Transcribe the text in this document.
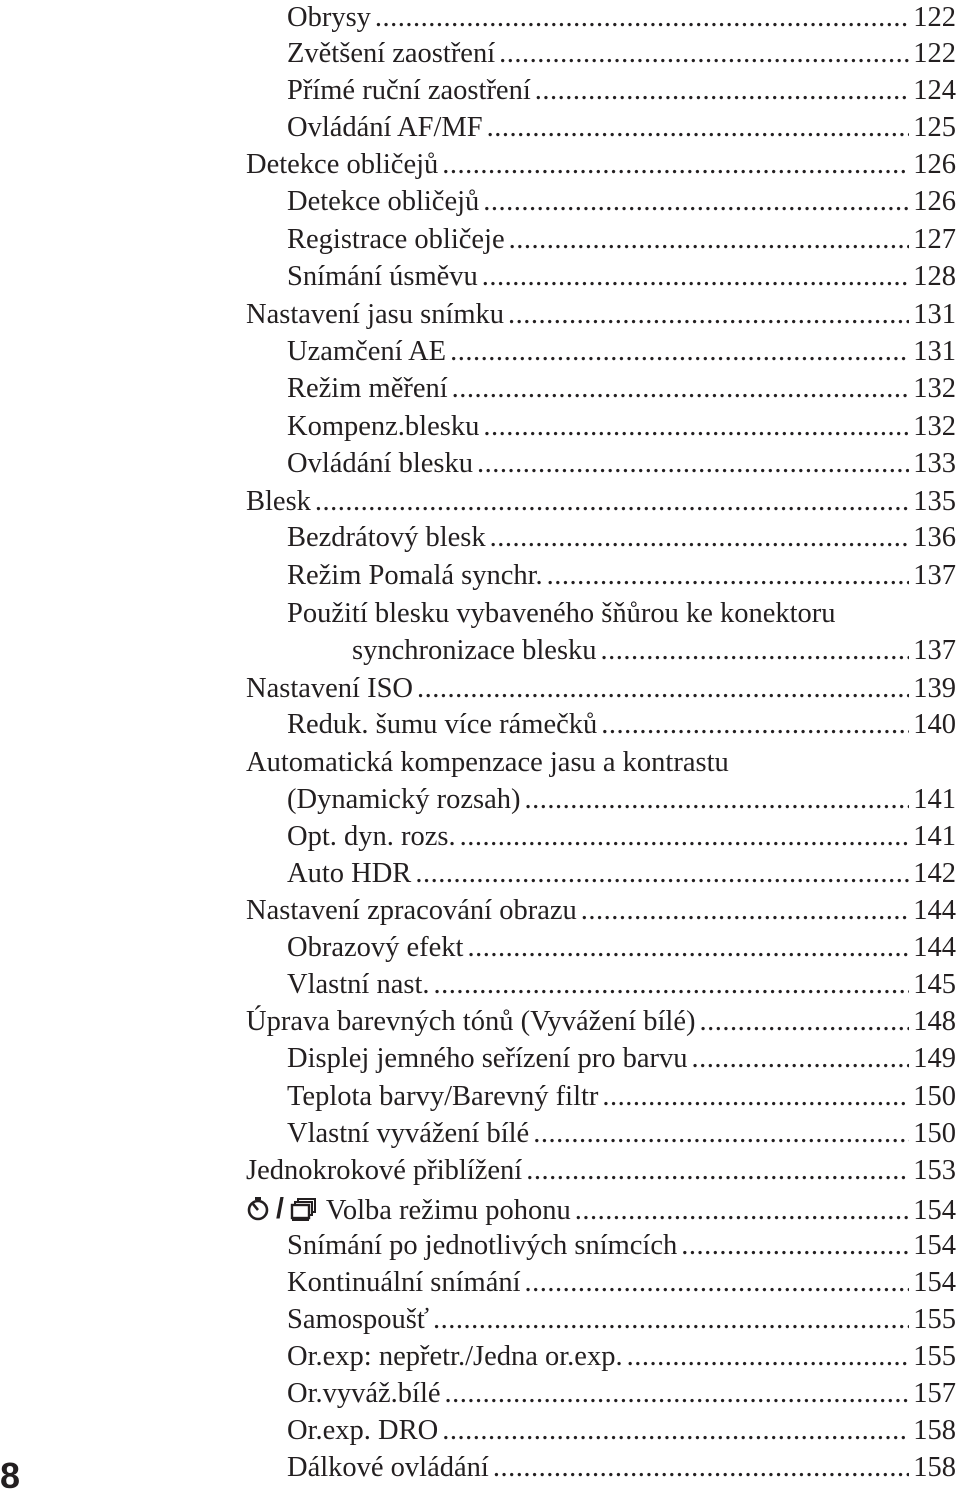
Obrysy .....	122
Zvětšení zaostření .....	122
Přímé ruční zaostření .....	124
Ovládání AF/MF .....	125
Detekce obličejů .....	126
Detekce obličejů .....	126
Registrace obličeje .....	127
Snímání úsměvu .....	128
Nastavení jasu snímku .....	131
Uzamčení AE .....	131
Režim měření .....	132
Kompenz.blesku .....	132
Ovládání blesku .....	133
Blesk .....	135
Bezdrátový blesk .....	136
Režim Pomalá synchr. .....	137
Použití blesku vybaveného šňůrou ke konektoru
synchronizace blesku .....	137
Nastavení ISO .....	139
Reduk. šumu více rámečků .....	140
Automatická kompenzace jasu a kontrastu
(Dynamický rozsah) .....	141
Opt. dyn. rozs. .....	141
Auto HDR .....	142
Nastavení zpracování obrazu .....	144
Obrazový efekt .....	144
Vlastní nast. .....	145
Úprava barevných tónů (Vyvážení bílé) .....	148
Displej jemného seřízení pro barvu .....	149
Teplota barvy/Barevný filtr .....	150
Vlastní vyvážení bílé .....	150
Jednokrokové přiblížení .....	153
/ Volba režimu pohonu .....	154
Snímání po jednotlivých snímcích .....	154
Kontinuální snímání .....	154
Samospoušť .....	155
Or.exp: nepřetr./Jedna or.exp. .....	155
Or.vyváž.bílé .....	157
Or.exp. DRO .....	158
Dálkové ovládání .....	158
8
